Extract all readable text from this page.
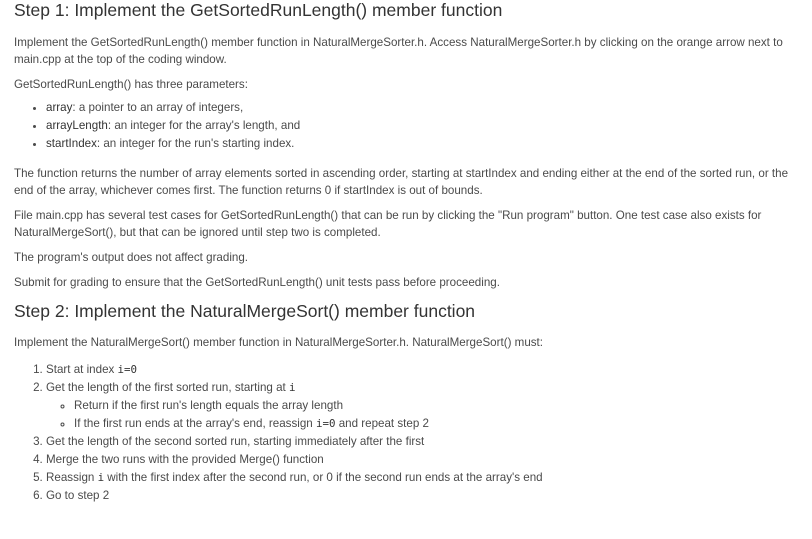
Step 1: Implement the GetSortedRunLength() member function

Implement the GetSortedRunLength() member function in NaturalMergeSorter.h. Access NaturalMergeSorter.h by clicking on the orange arrow next to main.cpp at the top of the coding window.

GetSortedRunLength() has three parameters:

• array: a pointer to an array of integers,
• arrayLength: an integer for the array's length, and
• startIndex: an integer for the run's starting index.

The function returns the number of array elements sorted in ascending order, starting at startIndex and ending either at the end of the sorted run, or the end of the array, whichever comes first. The function returns 0 if startIndex is out of bounds.

File main.cpp has several test cases for GetSortedRunLength() that can be run by clicking the "Run program" button. One test case also exists for NaturalMergeSort(), but that can be ignored until step two is completed.

The program's output does not affect grading.

Submit for grading to ensure that the GetSortedRunLength() unit tests pass before proceeding.

Step 2: Implement the NaturalMergeSort() member function

Implement the NaturalMergeSort() member function in NaturalMergeSorter.h. NaturalMergeSort() must:

1. Start at index i=0
2. Get the length of the first sorted run, starting at i
◦ Return if the first run's length equals the array length
◦ If the first run ends at the array's end, reassign i=0 and repeat step 2
3. Get the length of the second sorted run, starting immediately after the first
4. Merge the two runs with the provided Merge() function
5. Reassign i with the first index after the second run, or 0 if the second run ends at the array's end
6. Go to step 2
